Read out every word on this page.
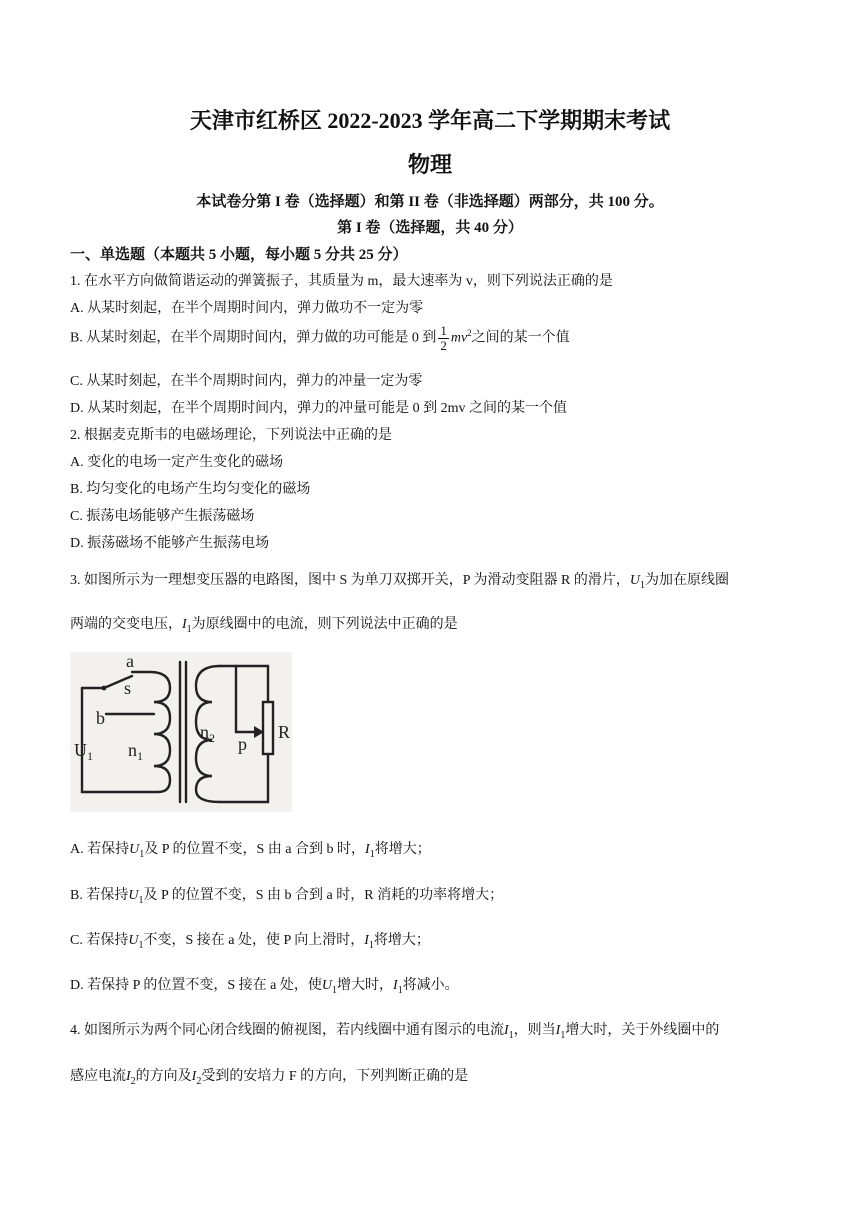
天津市红桥区 2022-2023 学年高二下学期期末考试
物理
本试卷分第 I 卷（选择题）和第 II 卷（非选择题）两部分，共 100 分。
第 I 卷（选择题，共 40 分）
一、单选题（本题共 5 小题，每小题 5 分共 25 分）
1. 在水平方向做简谐运动的弹簧振子，其质量为 m，最大速率为 v，则下列说法正确的是
A. 从某时刻起，在半个周期时间内，弹力做功不一定为零
B. 从某时刻起，在半个周期时间内，弹力做的功可能是 0 到 $\frac{1}{2} mv^2$之间的某一个值
C. 从某时刻起，在半个周期时间内，弹力的冲量一定为零
D. 从某时刻起，在半个周期时间内，弹力的冲量可能是 0 到 2mv 之间的某一个值
2. 根据麦克斯韦的电磁场理论，下列说法中正确的是
A. 变化的电场一定产生变化的磁场
B. 均匀变化的电场产生均匀变化的磁场
C. 振荡电场能够产生振荡磁场
D. 振荡磁场不能够产生振荡电场
3. 如图所示为一理想变压器的电路图，图中 S 为单刀双掷开关，P 为滑动变阻器 R 的滑片，$U_1$为加在原线圈
两端的交变电压，$I_1$为原线圈中的电流，则下列说法中正确的是
a
s
b
$U_1$ $n_1$
$n_2$ p
R
A. 若保持$U_1$及 P 的位置不变，S 由 a 合到 b 时，$I_1$将增大；
B. 若保持$U_1$及 P 的位置不变，S 由 b 合到 a 时，R 消耗的功率将增大；
C. 若保持$U_1$不变，S 接在 a 处，使 P 向上滑时，$I_1$将增大；
D. 若保持 P 的位置不变，S 接在 a 处，使$U_1$增大时，$I_1$将减小。
4. 如图所示为两个同心闭合线圈的俯视图，若内线圈中通有图示的电流$I_1$，则当$I_1$增大时，关于外线圈中的
感应电流$I_2$的方向及$I_2$受到的安培力 F 的方向，下列判断正确的是
